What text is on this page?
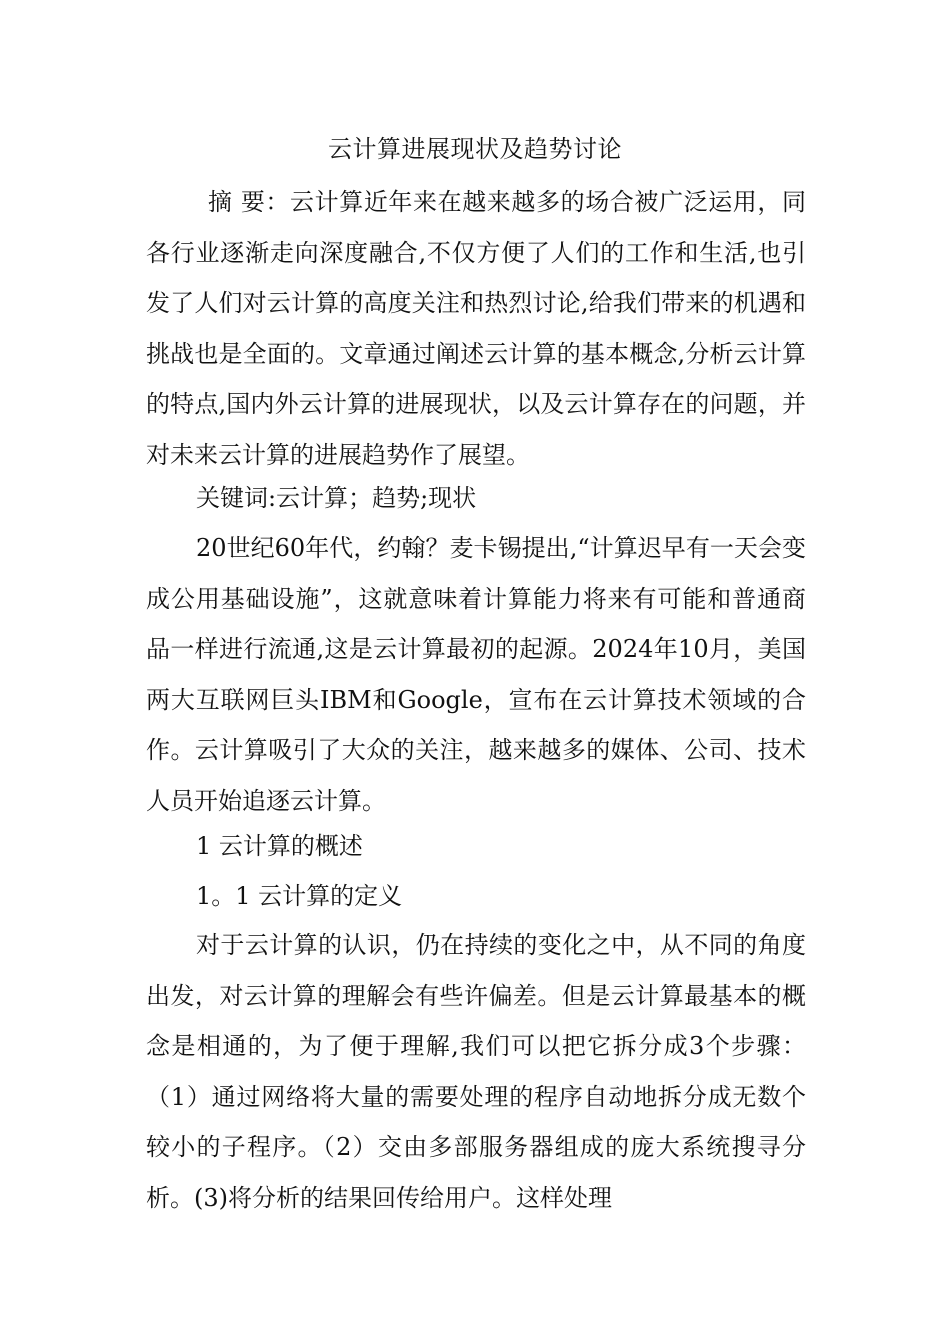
云计算进展现状及趋势讨论

摘 要：云计算近年来在越来越多的场合被广泛运用，同各行业逐渐走向深度融合,不仅方便了人们的工作和生活,也引发了人们对云计算的高度关注和热烈讨论,给我们带来的机遇和挑战也是全面的。文章通过阐述云计算的基本概念,分析云计算的特点,国内外云计算的进展现状，以及云计算存在的问题，并对未来云计算的进展趋势作了展望。

关键词:云计算；趋势;现状

20世纪60年代，约翰？麦卡锡提出,“计算迟早有一天会变成公用基础设施”，这就意味着计算能力将来有可能和普通商品一样进行流通,这是云计算最初的起源。2024年10月，美国两大互联网巨头IBM和Google，宣布在云计算技术领域的合作。云计算吸引了大众的关注，越来越多的媒体、公司、技术人员开始追逐云计算。

1 云计算的概述

1。1 云计算的定义

对于云计算的认识，仍在持续的变化之中，从不同的角度出发，对云计算的理解会有些许偏差。但是云计算最基本的概念是相通的，为了便于理解,我们可以把它拆分成3个步骤：（1）通过网络将大量的需要处理的程序自动地拆分成无数个较小的子程序。（2）交由多部服务器组成的庞大系统搜寻分析。(3)将分析的结果回传给用户。这样处理
